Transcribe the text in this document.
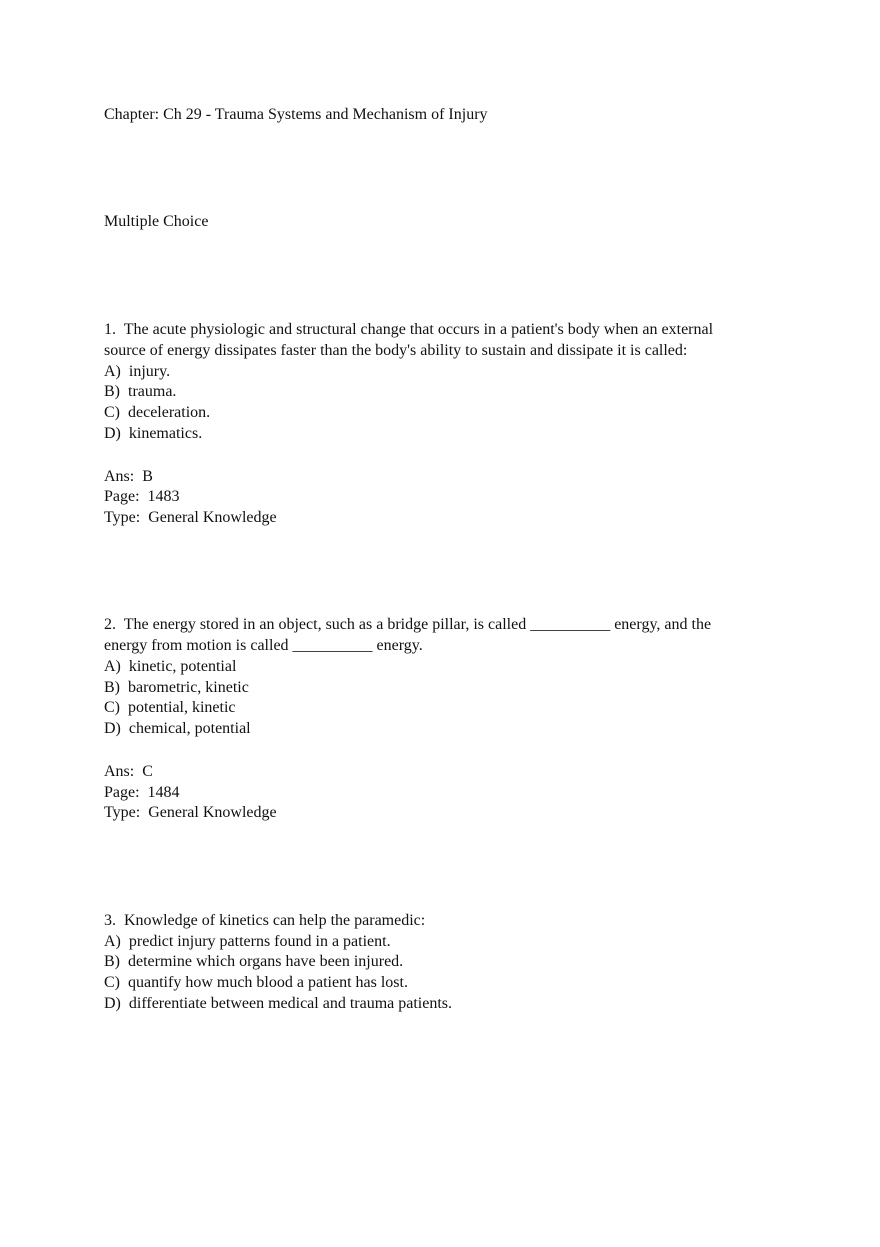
Chapter: Ch 29 - Trauma Systems and Mechanism of Injury
Multiple Choice
1.  The acute physiologic and structural change that occurs in a patient's body when an external
source of energy dissipates faster than the body's ability to sustain and dissipate it is called:
A)  injury.
B)  trauma.
C)  deceleration.
D)  kinematics.
Ans:  B
Page:  1483
Type:  General Knowledge
2.  The energy stored in an object, such as a bridge pillar, is called __________ energy, and the
energy from motion is called __________ energy.
A)  kinetic, potential
B)  barometric, kinetic
C)  potential, kinetic
D)  chemical, potential
Ans:  C
Page:  1484
Type:  General Knowledge
3.  Knowledge of kinetics can help the paramedic:
A)  predict injury patterns found in a patient.
B)  determine which organs have been injured.
C)  quantify how much blood a patient has lost.
D)  differentiate between medical and trauma patients.
